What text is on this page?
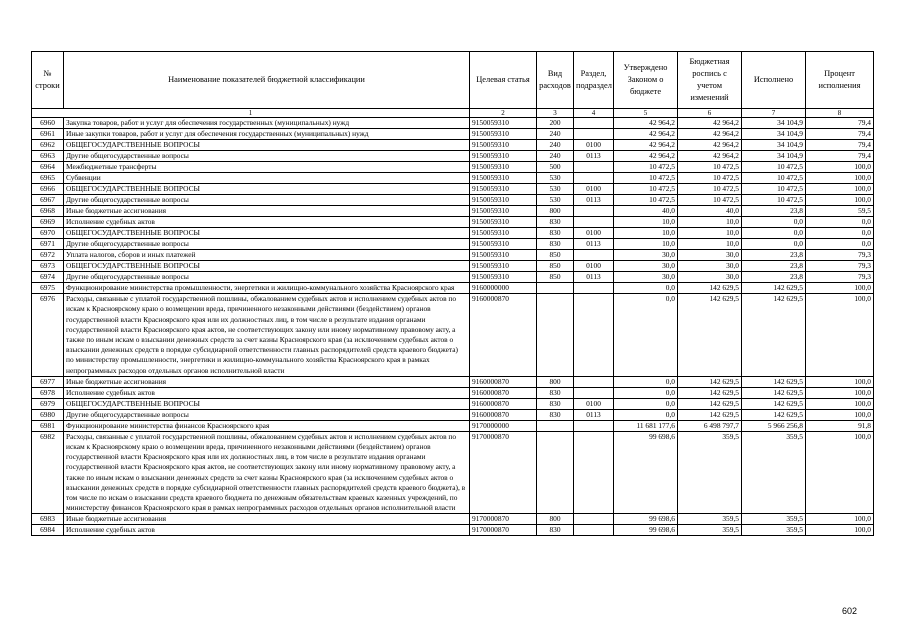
№ строки	Наименование показателей бюджетной классификации	Целевая статья	Вид расходов	Раздел, подраздел	Утверждено Законом о бюджете	Бюджетная роспись с учетом изменений	Исполнено	Процент исполнения
1		2	3	4	5	6	7	8
6960	Закупка товаров, работ и услуг для обеспечения государственных (муниципальных) нужд	9150059310	200		42 964,2	42 964,2	34 104,9	79,4
6961	Иные закупки товаров, работ и услуг для обеспечения государственных (муниципальных) нужд	9150059310	240		42 964,2	42 964,2	34 104,9	79,4
6962	ОБЩЕГОСУДАРСТВЕННЫЕ ВОПРОСЫ	9150059310	240	0100	42 964,2	42 964,2	34 104,9	79,4
6963	Другие общегосударственные вопросы	9150059310	240	0113	42 964,2	42 964,2	34 104,9	79,4
6964	Межбюджетные трансферты	9150059310	500		10 472,5	10 472,5	10 472,5	100,0
6965	Субвенции	9150059310	530		10 472,5	10 472,5	10 472,5	100,0
6966	ОБЩЕГОСУДАРСТВЕННЫЕ ВОПРОСЫ	9150059310	530	0100	10 472,5	10 472,5	10 472,5	100,0
6967	Другие общегосударственные вопросы	9150059310	530	0113	10 472,5	10 472,5	10 472,5	100,0
6968	Иные бюджетные ассигнования	9150059310	800		40,0	40,0	23,8	59,5
6969	Исполнение судебных актов	9150059310	830		10,0	10,0	0,0	0,0
6970	ОБЩЕГОСУДАРСТВЕННЫЕ ВОПРОСЫ	9150059310	830	0100	10,0	10,0	0,0	0,0
6971	Другие общегосударственные вопросы	9150059310	830	0113	10,0	10,0	0,0	0,0
6972	Уплата налогов, сборов и иных платежей	9150059310	850		30,0	30,0	23,8	79,3
6973	ОБЩЕГОСУДАРСТВЕННЫЕ ВОПРОСЫ	9150059310	850	0100	30,0	30,0	23,8	79,3
6974	Другие общегосударственные вопросы	9150059310	850	0113	30,0	30,0	23,8	79,3
6975	Функционирование министерства промышленности, энергетики и жилищно-коммунального хозяйства Красноярского края	9160000000			0,0	142 629,5	142 629,5	100,0
6976	Расходы, связанные с уплатой государственной пошлины, обжалованием судебных актов и исполнением судебных актов по искам к Красноярскому краю о возмещении вреда, причиненного незаконными действиями (бездействием) органов государственной власти Красноярского края или их должностных лиц, в том числе в результате издания органами государственной власти Красноярского края актов, не соответствующих закону или иному нормативному правовому акту, а также по иным искам о взыскании денежных средств за счет казны Красноярского края (за исключением судебных актов о взыскании денежных средств в порядке субсидиарной ответственности главных распорядителей средств краевого бюджета) по министерству промышленности, энергетики и жилищно-коммунального хозяйства Красноярского края в рамках непрограммных расходов отдельных органов исполнительной власти	9160000870			0,0	142 629,5	142 629,5	100,0
6977	Иные бюджетные ассигнования	9160000870	800		0,0	142 629,5	142 629,5	100,0
6978	Исполнение судебных актов	9160000870	830		0,0	142 629,5	142 629,5	100,0
6979	ОБЩЕГОСУДАРСТВЕННЫЕ ВОПРОСЫ	9160000870	830	0100	0,0	142 629,5	142 629,5	100,0
6980	Другие общегосударственные вопросы	9160000870	830	0113	0,0	142 629,5	142 629,5	100,0
6981	Функционирование министерства финансов Красноярского края	9170000000			11 681 177,6	6 498 797,7	5 966 256,8	91,8
6982	Расходы, связанные с уплатой государственной пошлины, обжалованием судебных актов и исполнением судебных актов по искам к Красноярскому краю о возмещении вреда, причиненного незаконными действиями (бездействием) органов государственной власти Красноярского края или их должностных лиц, в том числе в результате издания органами государственной власти Красноярского края актов, не соответствующих закону или иному нормативному правовому акту, а также по иным искам о взыскании денежных средств за счет казны Красноярского края (за исключением судебных актов о взыскании денежных средств в порядке субсидиарной ответственности главных распорядителей средств краевого бюджета), в том числе по искам о взыскании средств краевого бюджета по денежным обязательствам краевых казенных учреждений, по министерству финансов Красноярского края в рамках непрограммных расходов отдельных органов исполнительной власти	9170000870			99 698,6	359,5	359,5	100,0
6983	Иные бюджетные ассигнования	9170000870	800		99 698,6	359,5	359,5	100,0
6984	Исполнение судебных актов	9170000870	830		99 698,6	359,5	359,5	100,0
602
